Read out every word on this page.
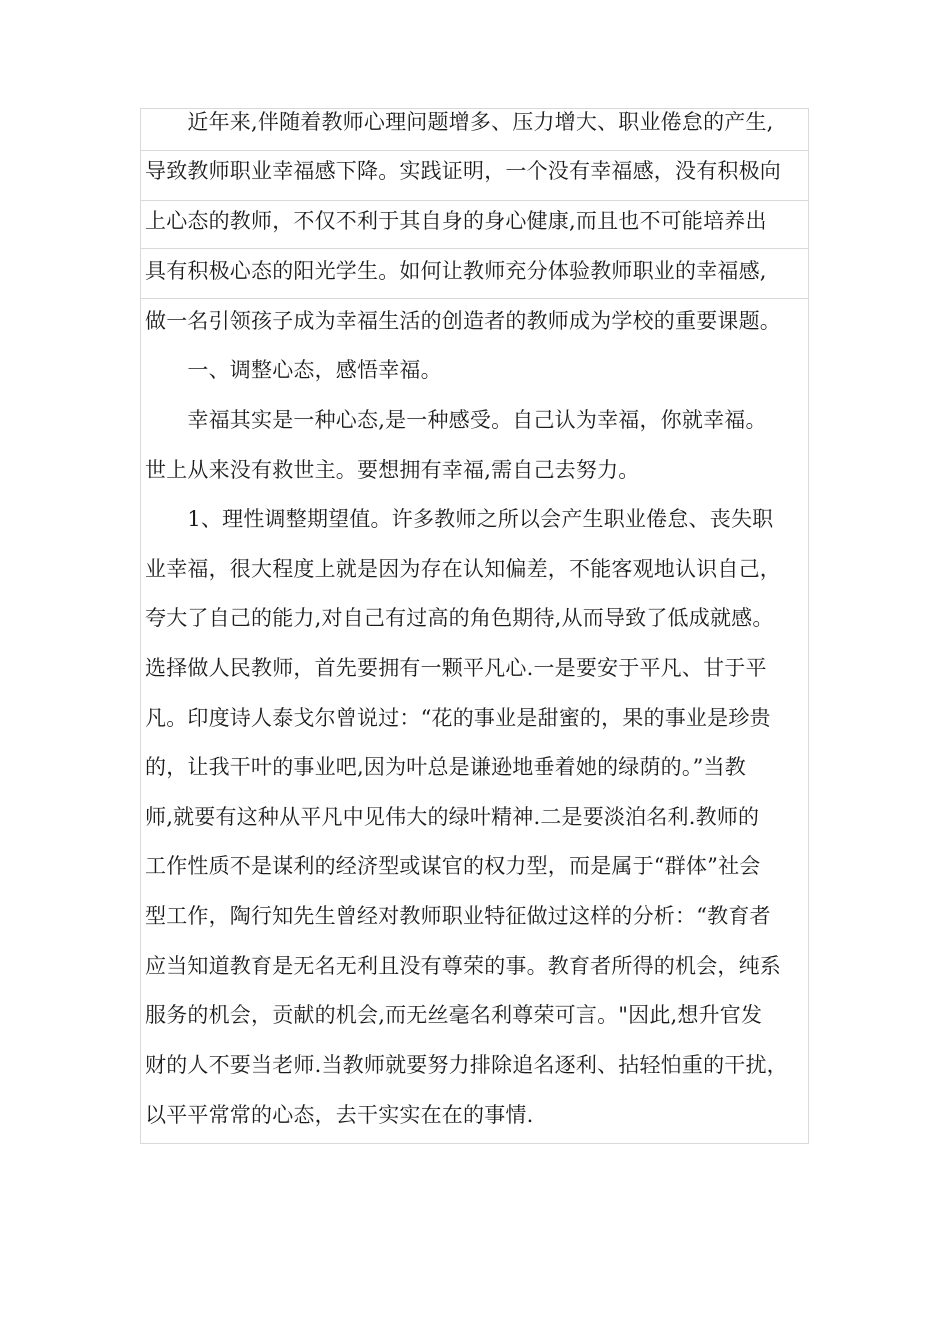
　　近年来,伴随着教师心理问题增多、压力增大、职业倦怠的产生,
导致教师职业幸福感下降。实践证明，一个没有幸福感，没有积极向
上心态的教师，不仅不利于其自身的身心健康,而且也不可能培养出
具有积极心态的阳光学生。如何让教师充分体验教师职业的幸福感,
做一名引领孩子成为幸福生活的创造者的教师成为学校的重要课题。
　　一、调整心态，感悟幸福。
　　幸福其实是一种心态,是一种感受。自己认为幸福，你就幸福。
世上从来没有救世主。要想拥有幸福,需自己去努力。
　　1、理性调整期望值。许多教师之所以会产生职业倦怠、丧失职
业幸福，很大程度上就是因为存在认知偏差，不能客观地认识自己，
夸大了自己的能力,对自己有过高的角色期待,从而导致了低成就感。
选择做人民教师，首先要拥有一颗平凡心.一是要安于平凡、甘于平
凡。印度诗人泰戈尔曾说过：“花的事业是甜蜜的，果的事业是珍贵
的，让我干叶的事业吧,因为叶总是谦逊地垂着她的绿荫的。”当教
师,就要有这种从平凡中见伟大的绿叶精神.二是要淡泊名利.教师的
工作性质不是谋利的经济型或谋官的权力型，而是属于“群体”社会
型工作，陶行知先生曾经对教师职业特征做过这样的分析：“教育者
应当知道教育是无名无利且没有尊荣的事。教育者所得的机会，纯系
服务的机会，贡献的机会,而无丝毫名利尊荣可言。"因此,想升官发
财的人不要当老师.当教师就要努力排除追名逐利、拈轻怕重的干扰，
以平平常常的心态，去干实实在在的事情.
